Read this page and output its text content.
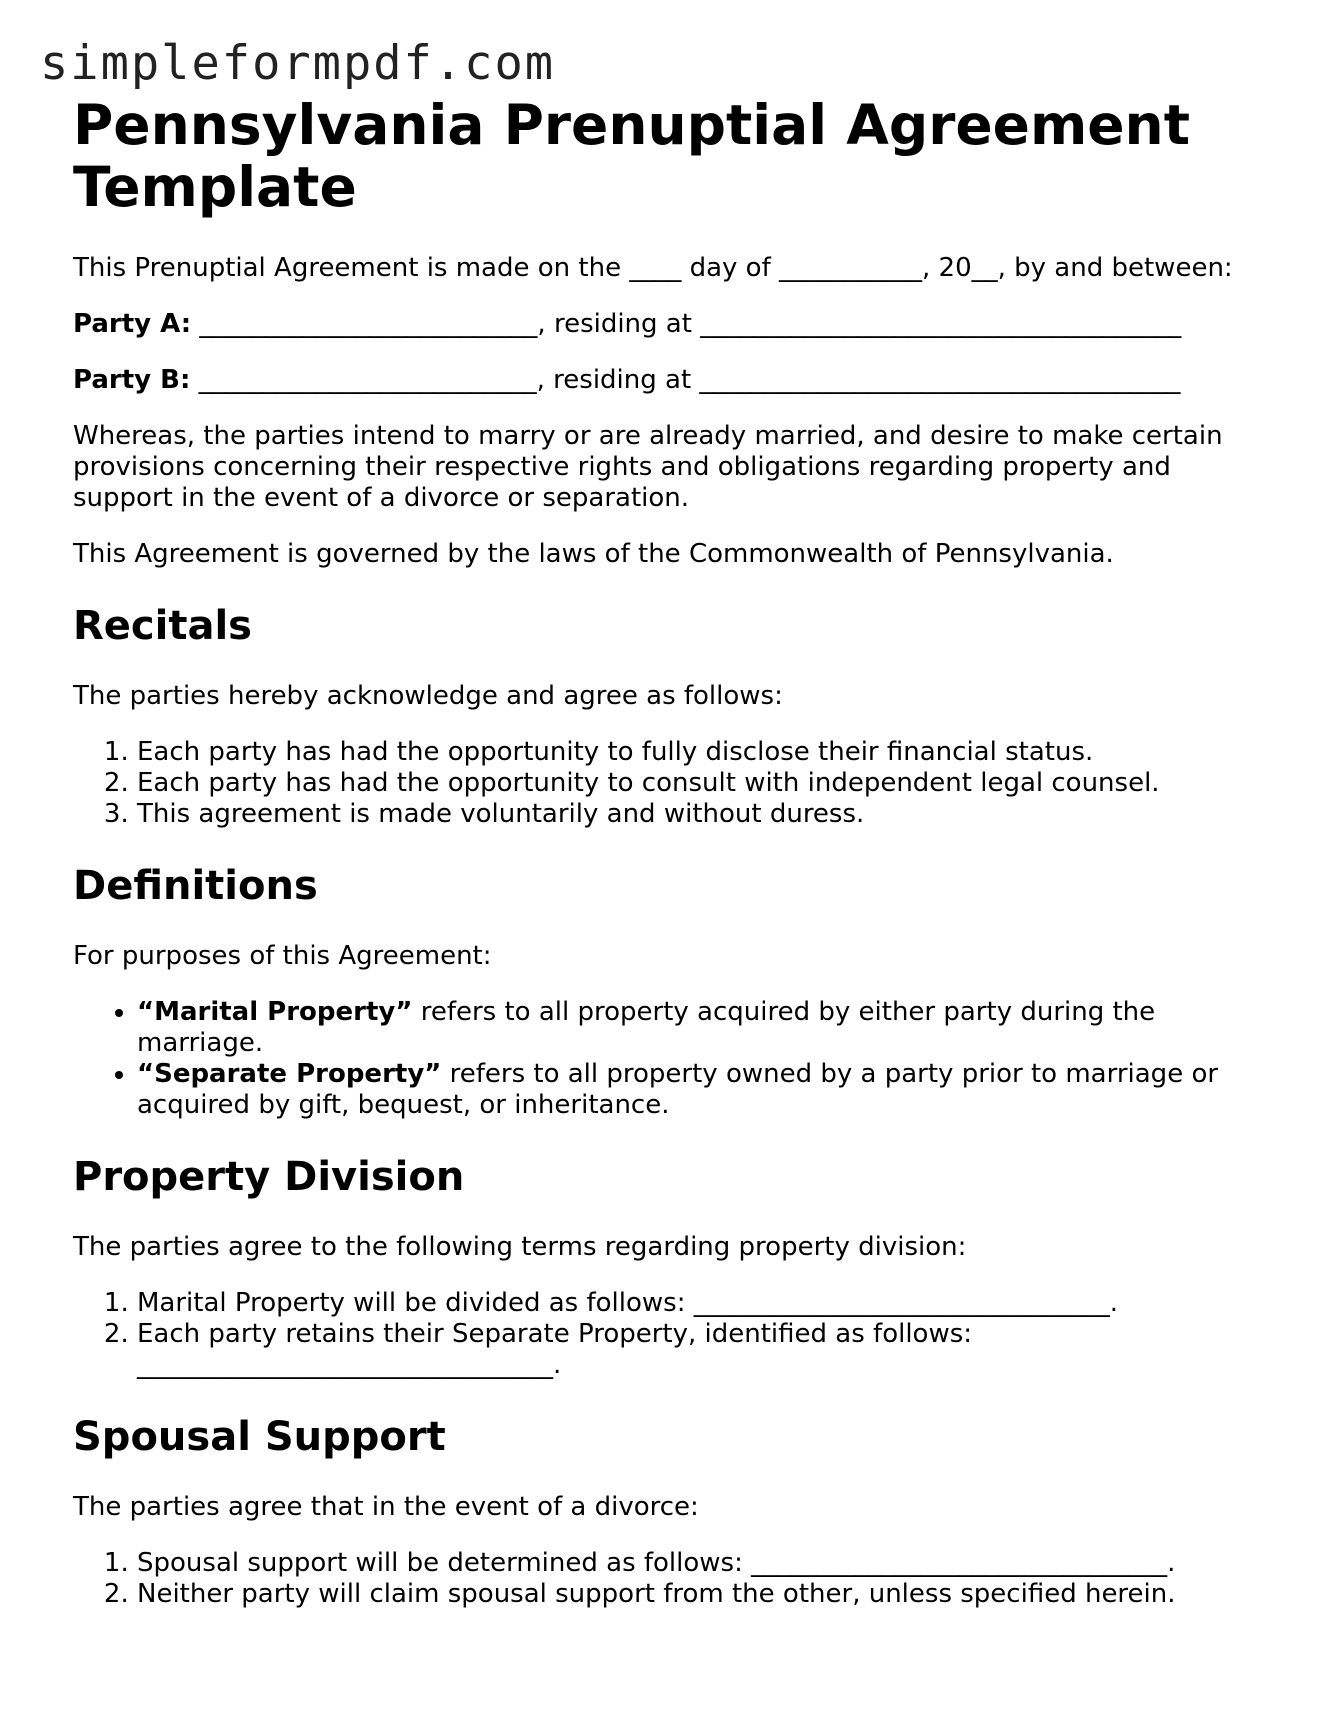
simpleformpdf.com
Pennsylvania Prenuptial Agreement Template

This Prenuptial Agreement is made on the ____ day of ___________, 20__, by and between:

Party A: __________________________, residing at _____________________________________

Party B: __________________________, residing at _____________________________________

Whereas, the parties intend to marry or are already married, and desire to make certain provisions concerning their respective rights and obligations regarding property and support in the event of a divorce or separation.

This Agreement is governed by the laws of the Commonwealth of Pennsylvania.

Recitals

The parties hereby acknowledge and agree as follows:

1. Each party has had the opportunity to fully disclose their financial status.
2. Each party has had the opportunity to consult with independent legal counsel.
3. This agreement is made voluntarily and without duress.
Definitions

For purposes of this Agreement:

• “Marital Property” refers to all property acquired by either party during the marriage.
• “Separate Property” refers to all property owned by a party prior to marriage or acquired by gift, bequest, or inheritance.
Property Division

The parties agree to the following terms regarding property division:

1. Marital Property will be divided as follows: ________________________________.
2. Each party retains their Separate Property, identified as follows: ________________________________.
Spousal Support

The parties agree that in the event of a divorce:

1. Spousal support will be determined as follows: ________________________________.
2. Neither party will claim spousal support from the other, unless specified herein.
